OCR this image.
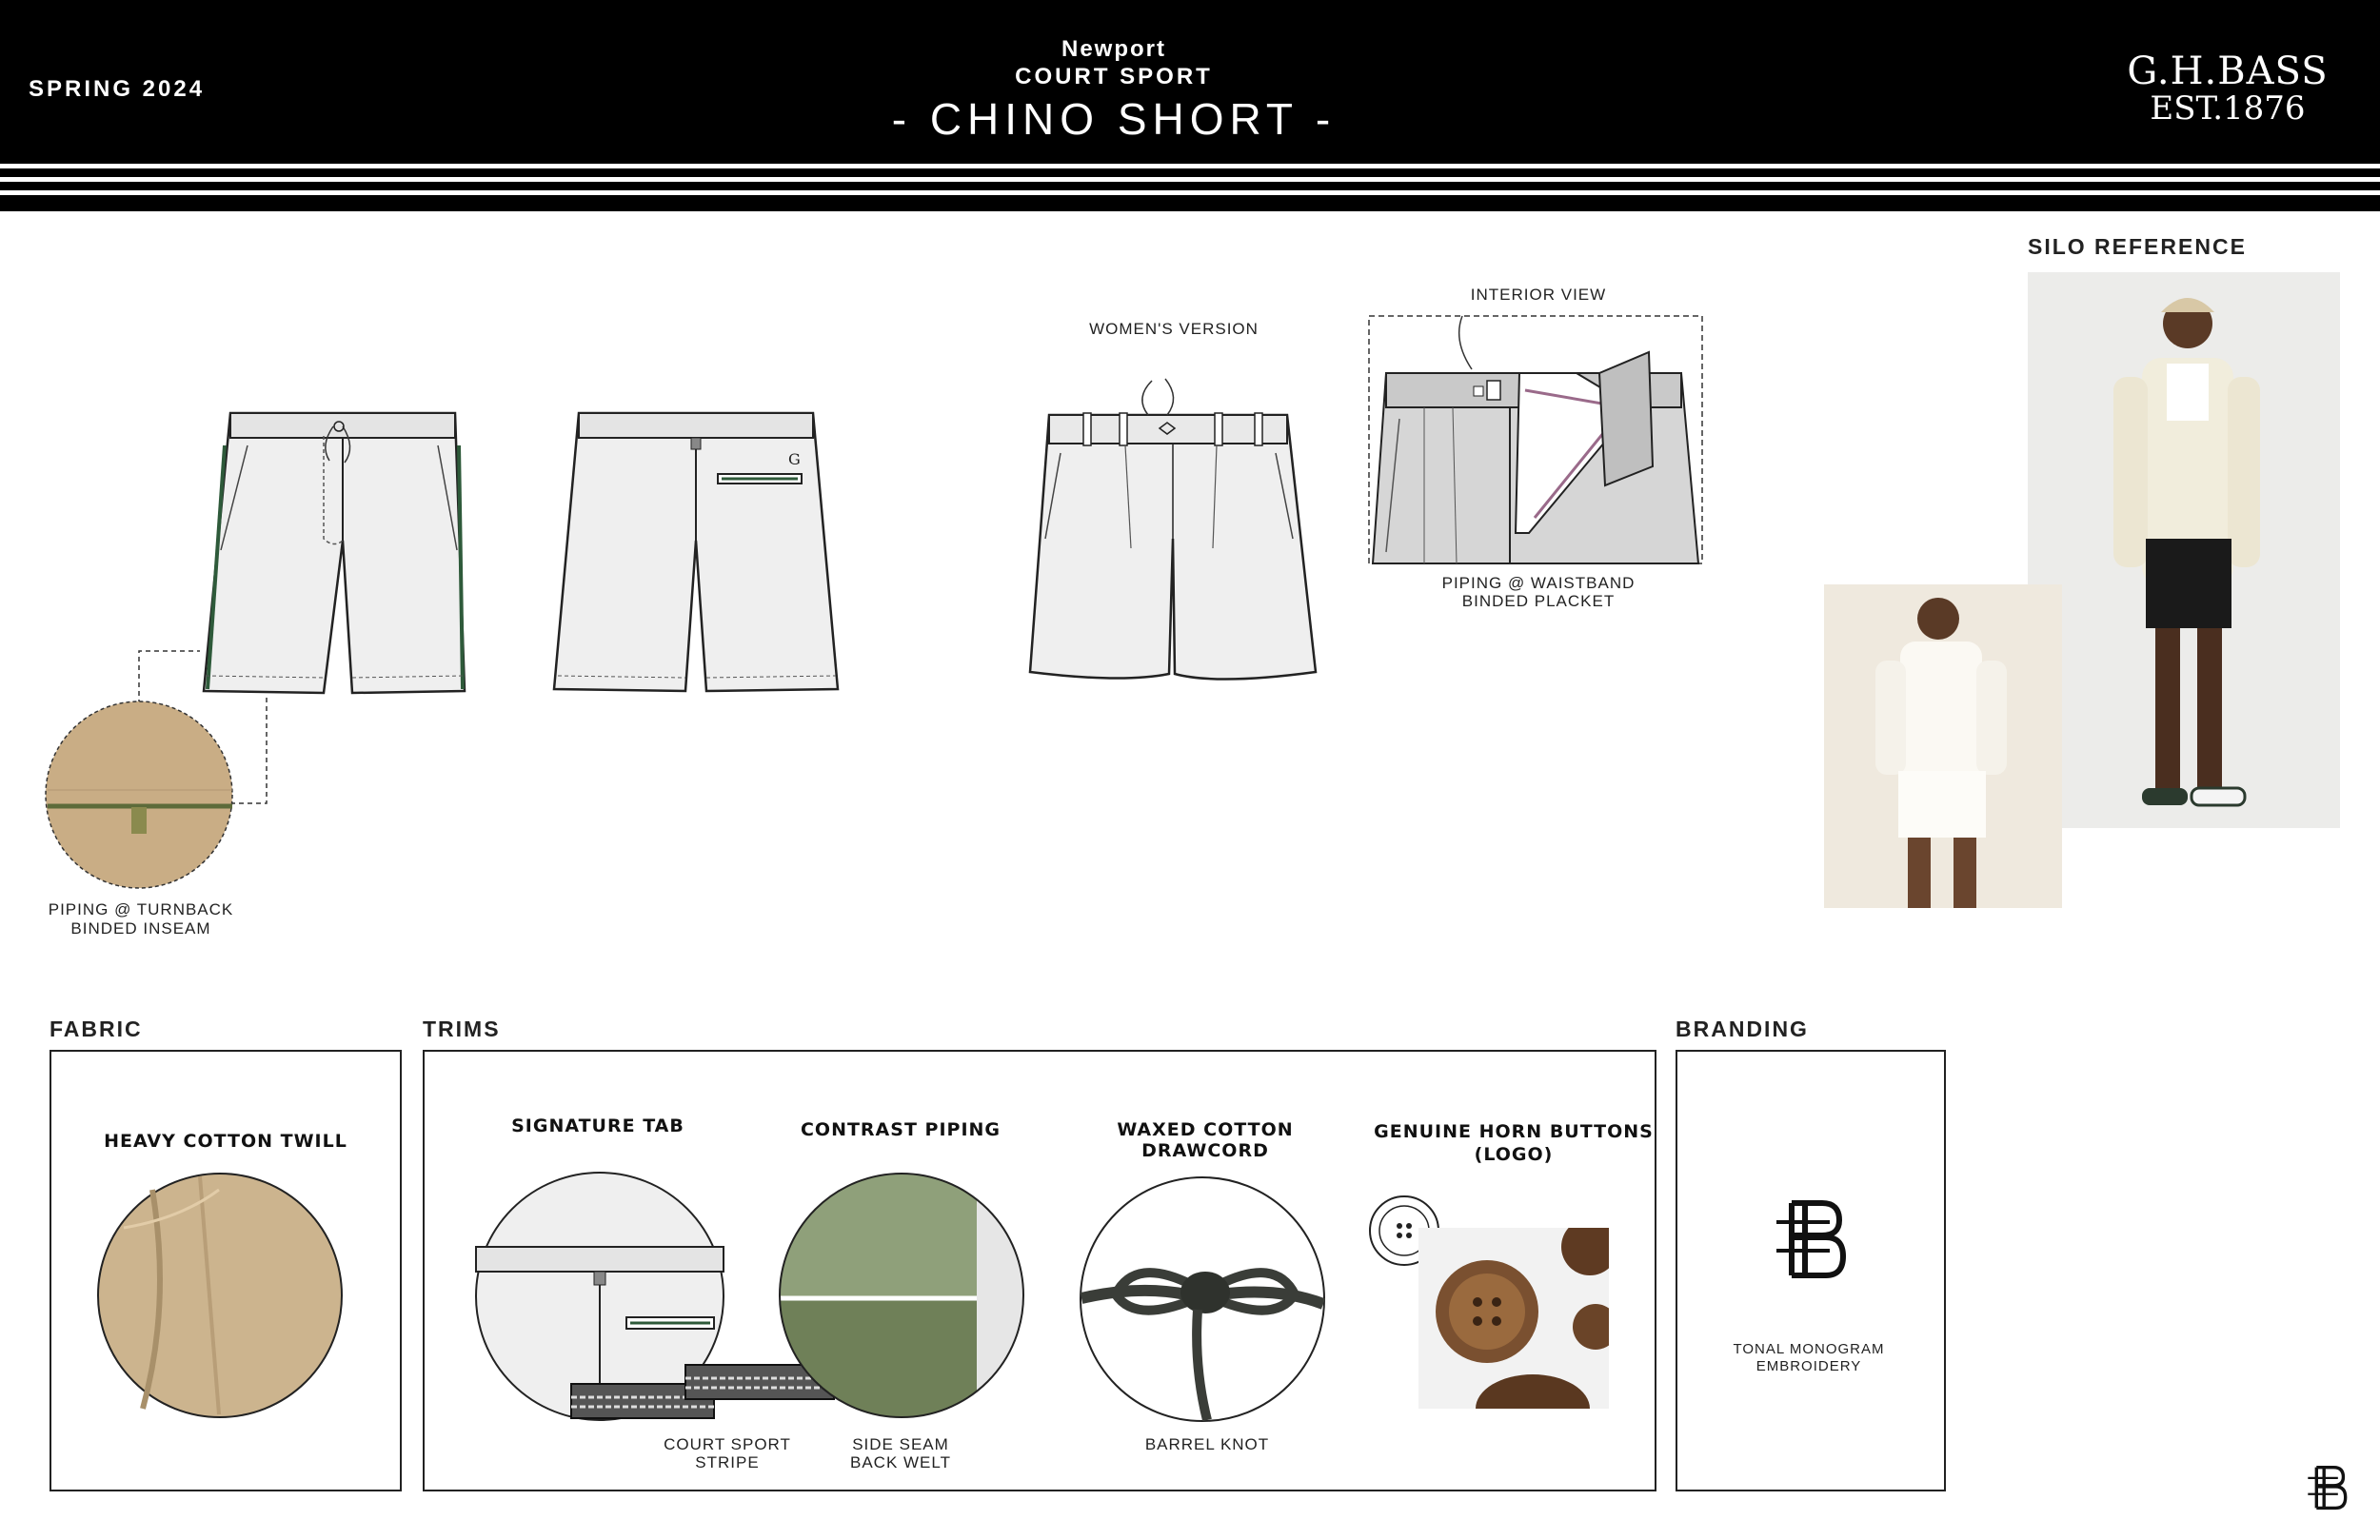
SPRING 2024
Newport
COURT SPORT
- CHINO SHORT -
G.H.BASS
EST.1876
G
PIPING @ TURNBACK
BINDED INSEAM
WOMEN'S VERSION
INTERIOR VIEW
PIPING @ WAISTBAND
BINDED PLACKET
SILO REFERENCE
FABRIC
HEAVY COTTON TWILL
TRIMS
SIGNATURE TAB
COURT SPORT
STRIPE
CONTRAST PIPING
SIDE SEAM
BACK WELT
WAXED COTTON DRAWCORD
BARREL KNOT
GENUINE HORN BUTTONS
(LOGO)
BRANDING
TONAL MONOGRAM
EMBROIDERY
